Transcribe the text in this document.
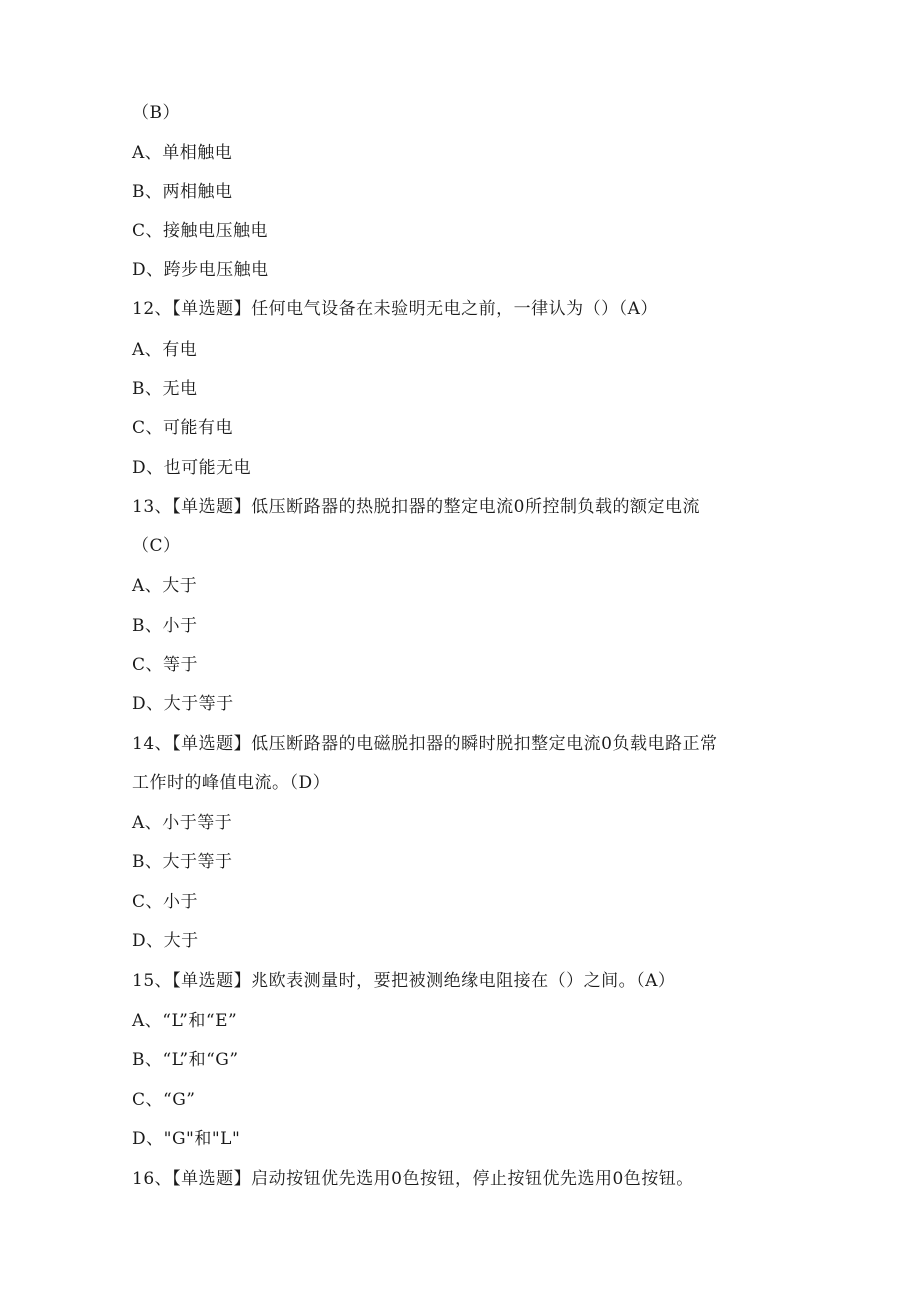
（B）
A、单相触电
B、两相触电
C、接触电压触电
D、跨步电压触电
12、【单选题】任何电气设备在未验明无电之前，一律认为（）（A）
A、有电
B、无电
C、可能有电
D、也可能无电
13、【单选题】低压断路器的热脱扣器的整定电流0所控制负载的额定电流
（C）
A、大于
B、小于
C、等于
D、大于等于
14、【单选题】低压断路器的电磁脱扣器的瞬时脱扣整定电流0负载电路正常
工作时的峰值电流。（D）
A、小于等于
B、大于等于
C、小于
D、大于
15、【单选题】兆欧表测量时，要把被测绝缘电阻接在（）之间。（A）
A、“L”和“E”
B、“L”和“G”
C、“G”
D、"G"和"L"
16、【单选题】启动按钮优先选用0色按钮，停止按钮优先选用0色按钮。
